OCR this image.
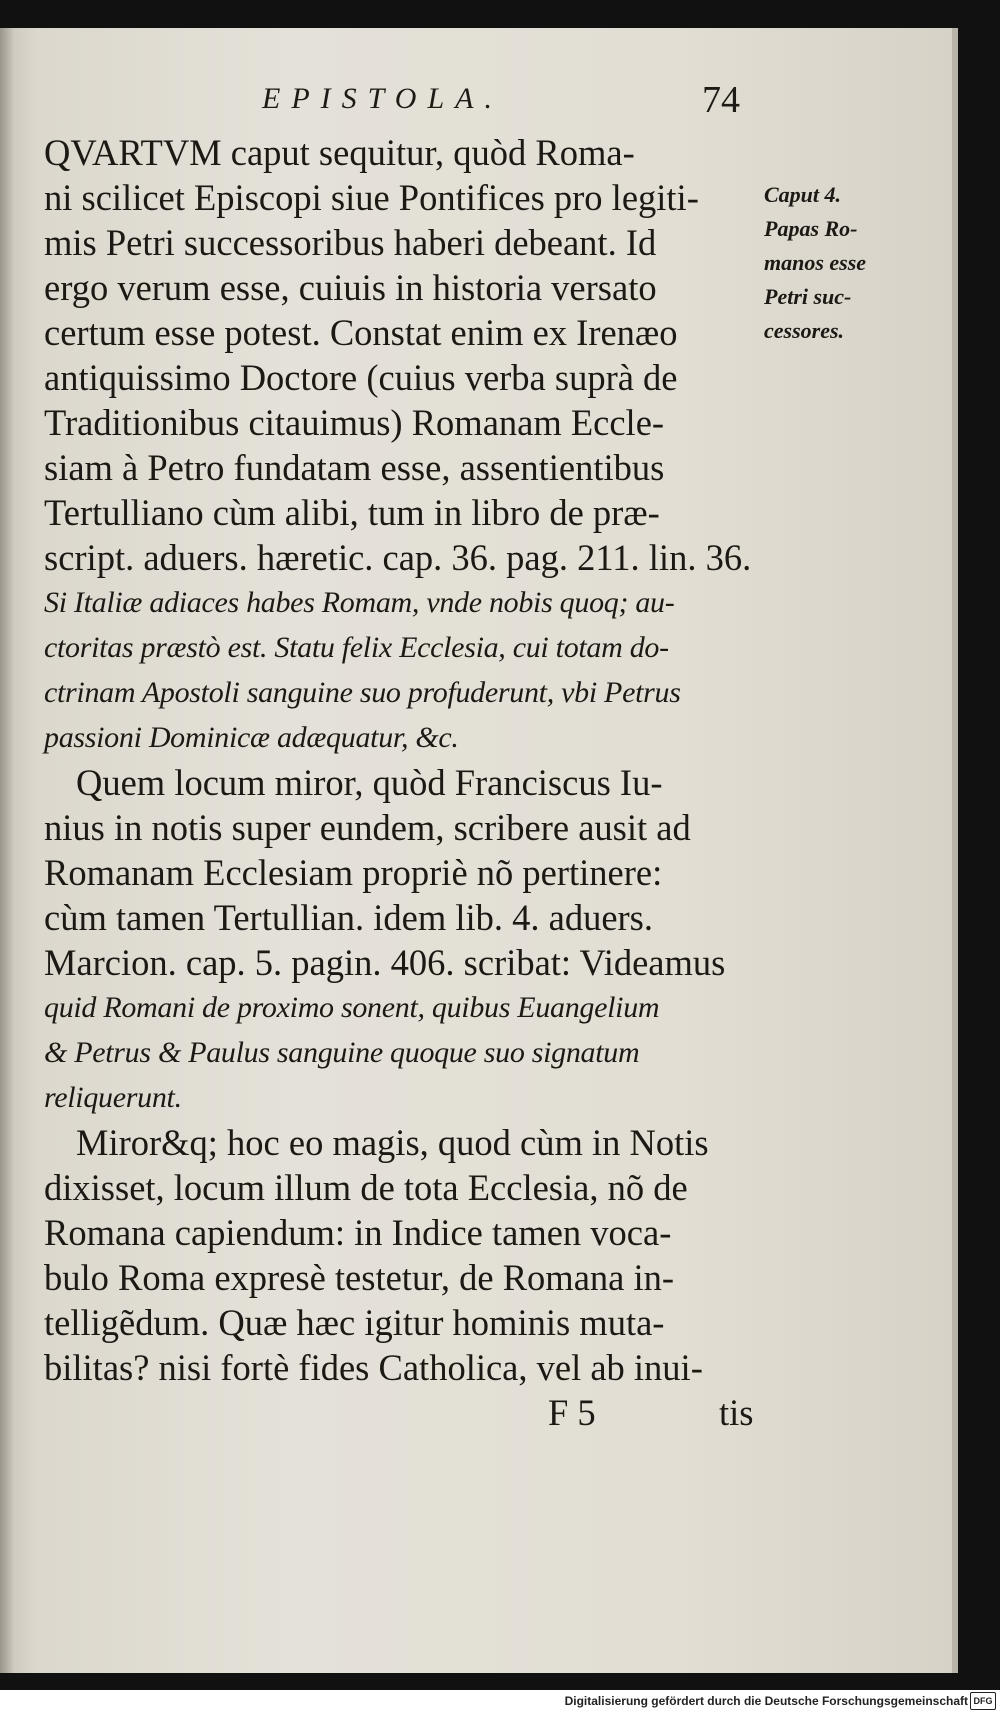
EPISTOLA.	74
QVARTVM caput sequitur, quòd Roma-
ni scilicet Episcopi siue Pontifices pro legiti-
mis Petri successoribus haberi debeant. Id
ergo verum esse, cuiuis in historia versato
certum esse potest. Constat enim ex Irenæo
antiquissimo Doctore (cuius verba suprà de
Traditionibus citauimus) Romanam Eccle-
siam à Petro fundatam esse, assentientibus
Tertulliano cùm alibi, tum in libro de præ-
script. aduers. hæretic. cap. 36. pag. 211. lin. 36.
Si Italiæ adiaces habes Romam, vnde nobis quoq; au-
ctoritas præstò est. Statu felix Ecclesia, cui totam do-
ctrinam Apostoli sanguine suo profuderunt, vbi Petrus
passioni Dominicæ adæquatur, &c.
Quem locum miror, quòd Franciscus Iu-
nius in notis super eundem, scribere ausit ad
Romanam Ecclesiam propriè nõ pertinere:
cùm tamen Tertullian. idem lib. 4. aduers.
Marcion. cap. 5. pagin. 406. scribat: Videamus
quid Romani de proximo sonent, quibus Euangelium
& Petrus & Paulus sanguine quoque suo signatum
reliquerunt.
Miror&q; hoc eo magis, quod cùm in Notis
dixisset, locum illum de tota Ecclesia, nõ de
Romana capiendum: in Indice tamen voca-
bulo Roma expresè testetur, de Romana in-
telligẽdum. Quæ hæc igitur hominis muta-
bilitas? nisi fortè fides Catholica, vel ab inui-
F 5	tis
Caput 4.
Papas Ro-
manos esse
Petri suc-
cessores.
Digitalisierung gefördert durch die Deutsche Forschungsgemeinschaft DFG
